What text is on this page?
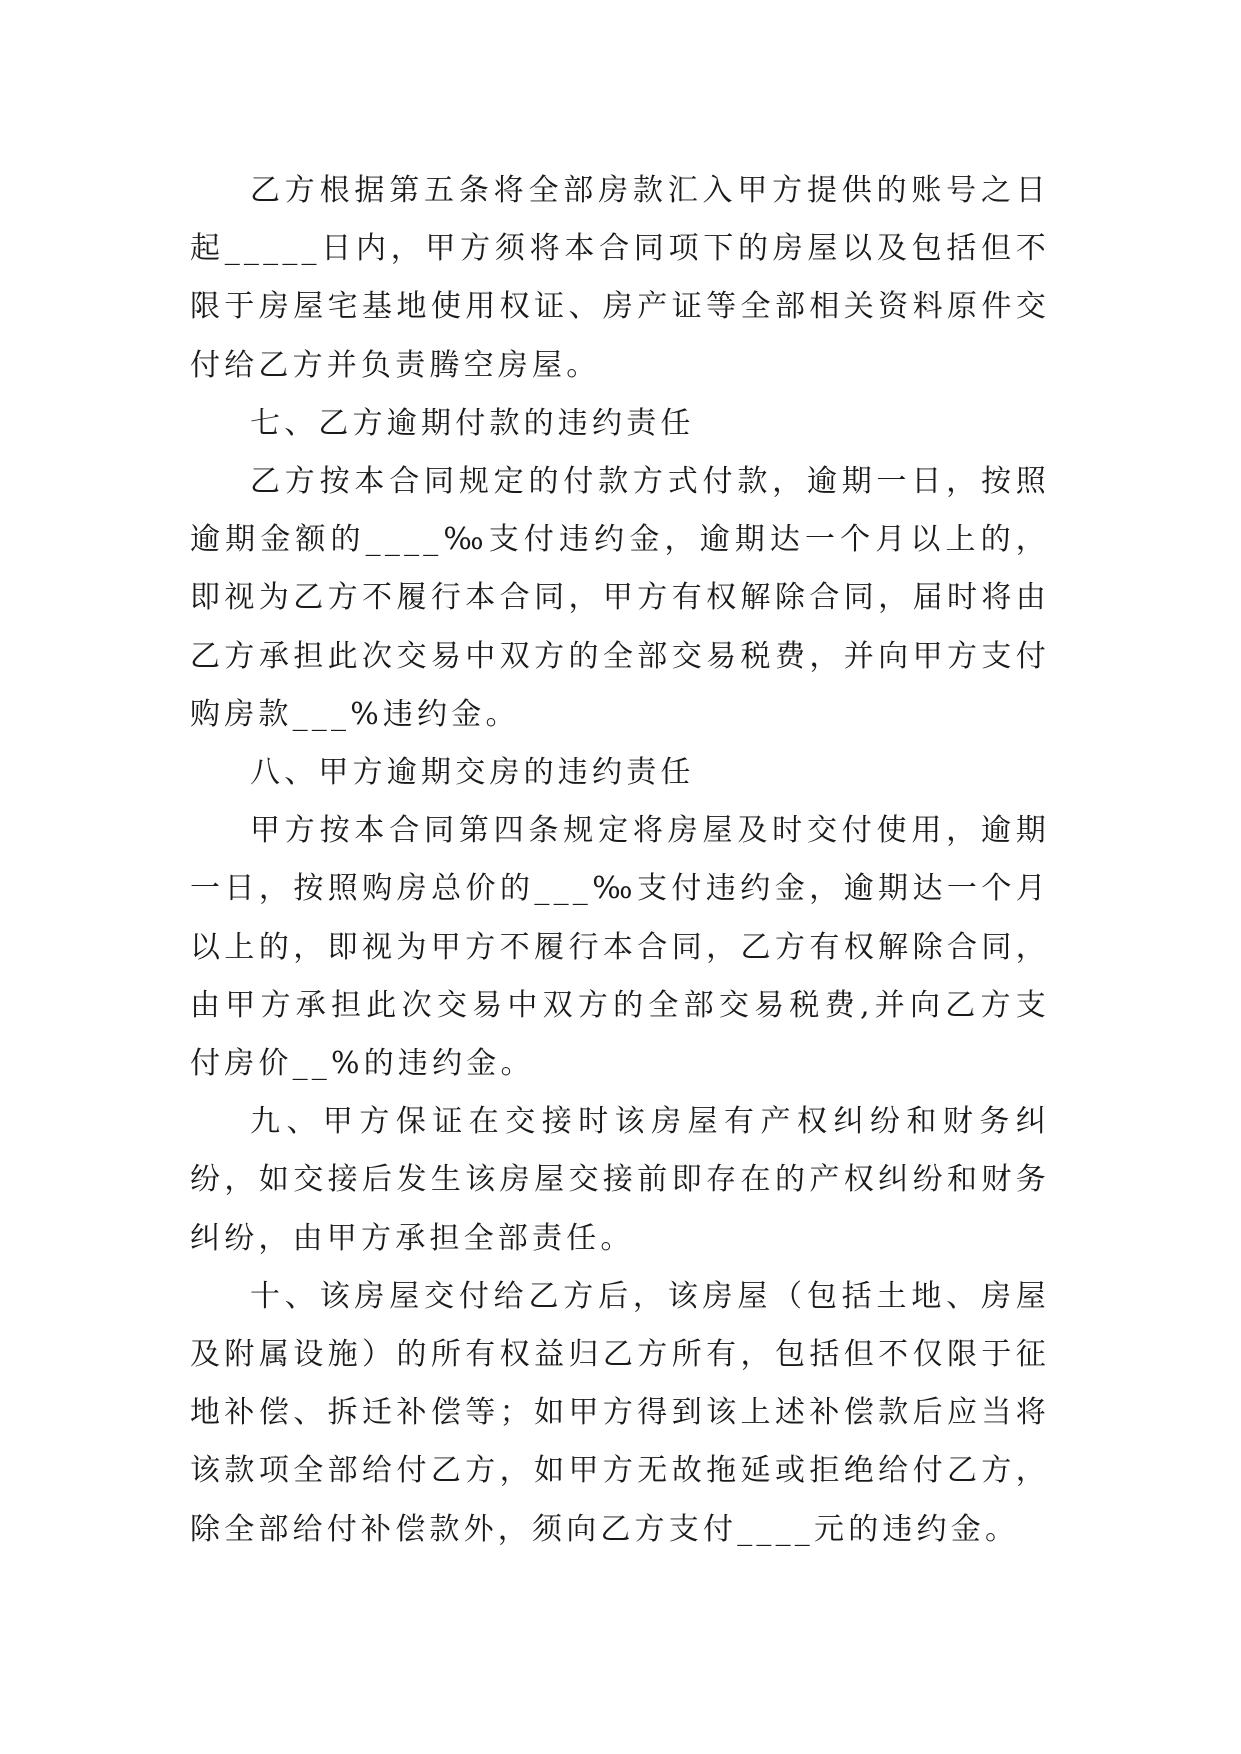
乙方根据第五条将全部房款汇入甲方提供的账号之日起_____日内，甲方须将本合同项下的房屋以及包括但不限于房屋宅基地使用权证、房产证等全部相关资料原件交付给乙方并负责腾空房屋。

七、乙方逾期付款的违约责任

乙方按本合同规定的付款方式付款，逾期一日，按照逾期金额的____‰支付违约金，逾期达一个月以上的，即视为乙方不履行本合同，甲方有权解除合同，届时将由乙方承担此次交易中双方的全部交易税费，并向甲方支付购房款___%违约金。

八、甲方逾期交房的违约责任

甲方按本合同第四条规定将房屋及时交付使用，逾期一日，按照购房总价的___‰支付违约金，逾期达一个月以上的，即视为甲方不履行本合同，乙方有权解除合同，由甲方承担此次交易中双方的全部交易税费,并向乙方支付房价__%的违约金。

九、甲方保证在交接时该房屋有产权纠纷和财务纠纷，如交接后发生该房屋交接前即存在的产权纠纷和财务纠纷，由甲方承担全部责任。

十、该房屋交付给乙方后，该房屋（包括土地、房屋及附属设施）的所有权益归乙方所有，包括但不仅限于征地补偿、拆迁补偿等；如甲方得到该上述补偿款后应当将该款项全部给付乙方，如甲方无故拖延或拒绝给付乙方，除全部给付补偿款外，须向乙方支付____元的违约金。
